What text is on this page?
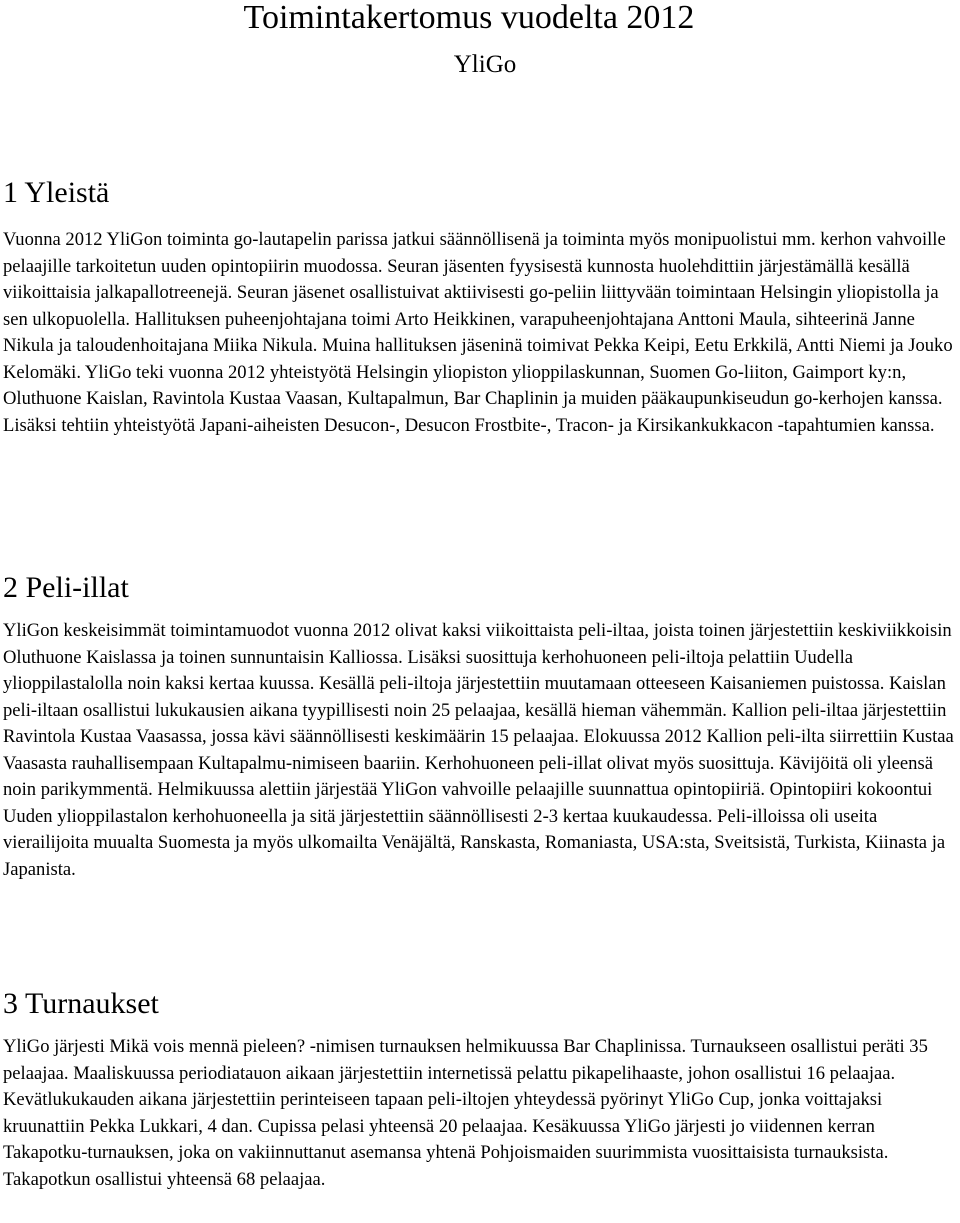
Toimintakertomus vuodelta 2012
YliGo
1 Yleistä

Vuonna 2012 YliGon toiminta go-lautapelin parissa jatkui säännöllisenä ja toiminta myös monipuolistui mm. kerhon vahvoille pelaajille tarkoitetun uuden opintopiirin muodossa. Seuran jäsenten fyysisestä kunnosta huolehdittiin järjestämällä kesällä viikoittaisia jalkapallotreenejä. Seuran jäsenet osallistuivat aktiivisesti go-peliin liittyvään toimintaan Helsingin yliopistolla ja sen ulkopuolella. Hallituksen puheenjohtajana toimi Arto Heikkinen, varapuheenjohtajana Anttoni Maula, sihteerinä Janne Nikula ja taloudenhoitajana Miika Nikula. Muina hallituksen jäseninä toimivat Pekka Keipi, Eetu Erkkilä, Antti Niemi ja Jouko Kelomäki. YliGo teki vuonna 2012 yhteistyötä Helsingin yliopiston ylioppilaskunnan, Suomen Go-liiton, Gaimport ky:n, Oluthuone Kaislan, Ravintola Kustaa Vaasan, Kultapalmun, Bar Chaplinin ja muiden pääkaupunkiseudun go-kerhojen kanssa. Lisäksi tehtiin yhteistyötä Japani-aiheisten Desucon-, Desucon Frostbite-, Tracon- ja Kirsikankukkacon -tapahtumien kanssa.

2 Peli-illat

YliGon keskeisimmät toimintamuodot vuonna 2012 olivat kaksi viikoittaista peli-iltaa, joista toinen järjestettiin keskiviikkoisin Oluthuone Kaislassa ja toinen sunnuntaisin Kalliossa. Lisäksi suosittuja kerhohuoneen peli-iltoja pelattiin Uudella ylioppilastalolla noin kaksi kertaa kuussa. Kesällä peli-iltoja järjestettiin muutamaan otteeseen Kaisaniemen puistossa. Kaislan peli-iltaan osallistui lukukausien aikana tyypillisesti noin 25 pelaajaa, kesällä hieman vähemmän. Kallion peli-iltaa järjestettiin Ravintola Kustaa Vaasassa, jossa kävi säännöllisesti keskimäärin 15 pelaajaa. Elokuussa 2012 Kallion peli-ilta siirrettiin Kustaa Vaasasta rauhallisempaan Kultapalmu-nimiseen baariin. Kerhohuoneen peli-illat olivat myös suosittuja. Kävijöitä oli yleensä noin parikymmentä. Helmikuussa alettiin järjestää YliGon vahvoille pelaajille suunnattua opintopiiriä. Opintopiiri kokoontui Uuden ylioppilastalon kerhohuoneella ja sitä järjestettiin säännöllisesti 2-3 kertaa kuukaudessa. Peli-illoissa oli useita vierailijoita muualta Suomesta ja myös ulkomailta Venäjältä, Ranskasta, Romaniasta, USA:sta, Sveitsistä, Turkista, Kiinasta ja Japanista.

3 Turnaukset

YliGo järjesti Mikä vois mennä pieleen? -nimisen turnauksen helmikuussa Bar Chaplinissa. Turnaukseen osallistui peräti 35 pelaajaa. Maaliskuussa periodiatauon aikaan järjestettiin internetissä pelattu pikapelihaaste, johon osallistui 16 pelaajaa. Kevätlukukauden aikana järjestettiin perinteiseen tapaan peli-iltojen yhteydessä pyörinyt YliGo Cup, jonka voittajaksi kruunattiin Pekka Lukkari, 4 dan. Cupissa pelasi yhteensä 20 pelaajaa. Kesäkuussa YliGo järjesti jo viidennen kerran Takapotku-turnauksen, joka on vakiinnuttanut asemansa yhtenä Pohjoismaiden suurimmista vuosittaisista turnauksista. Takapotkun osallistui yhteensä 68 pelaajaa.
